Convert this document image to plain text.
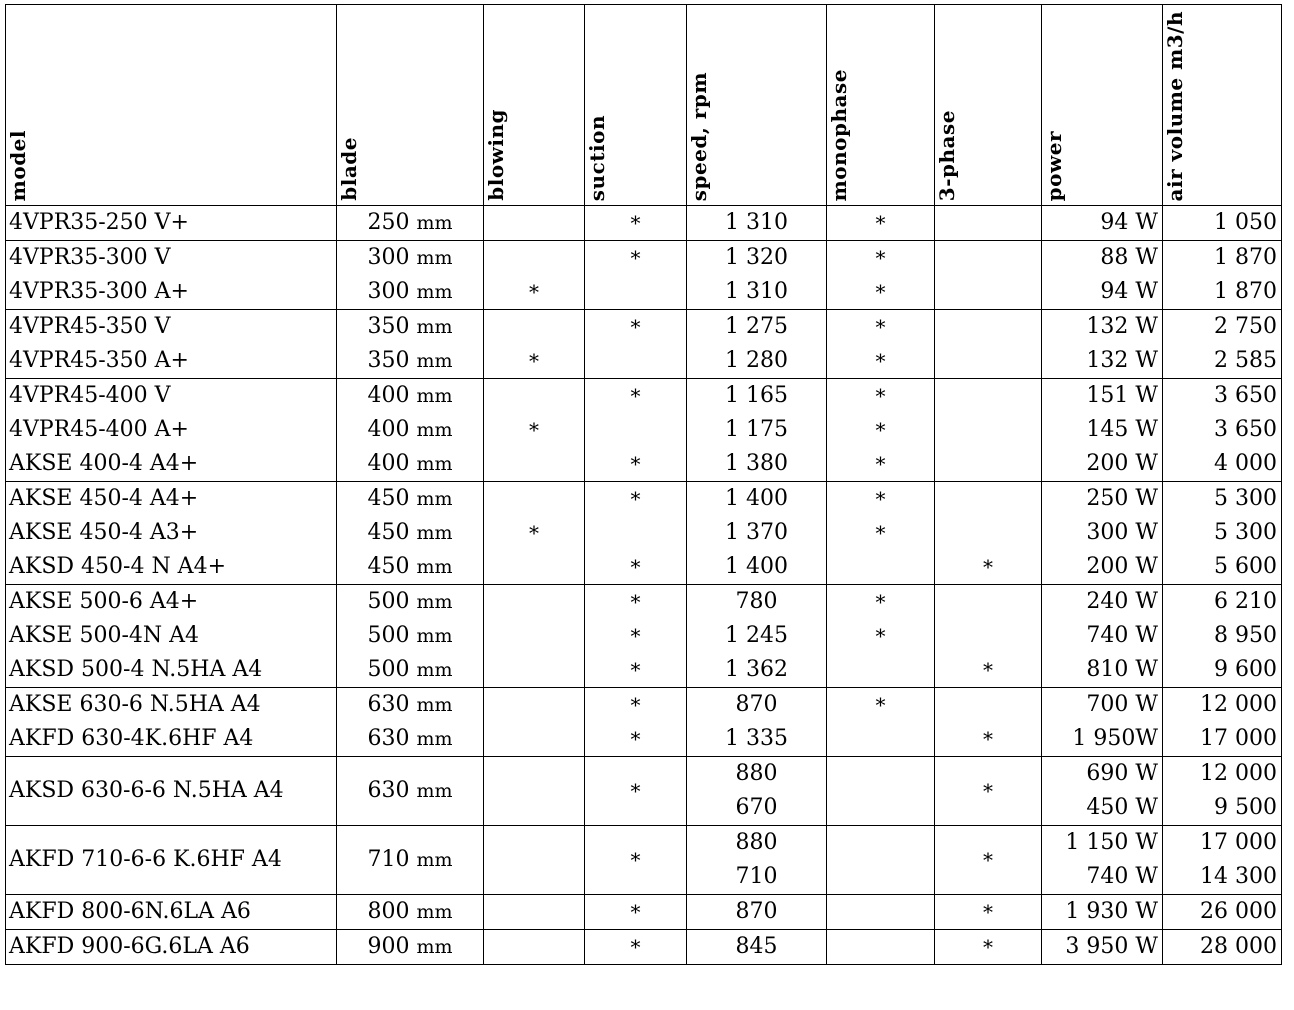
model	blade	blowing	suction	speed, rpm	monophase	3-phase	power	air volume m3/h
4VPR35-250 V+	250 mm		*	1 310	*		94 W	1 050
4VPR35-300 V	300 mm		*	1 320	*		88 W	1 870
4VPR35-300 A+	300 mm	*		1 310	*		94 W	1 870
4VPR45-350 V	350 mm		*	1 275	*		132 W	2 750
4VPR45-350 A+	350 mm	*		1 280	*		132 W	2 585
4VPR45-400 V	400 mm		*	1 165	*		151 W	3 650
4VPR45-400 A+	400 mm	*		1 175	*		145 W	3 650
AKSE 400-4 A4+	400 mm		*	1 380	*		200 W	4 000
AKSE 450-4 A4+	450 mm		*	1 400	*		250 W	5 300
AKSE 450-4 A3+	450 mm	*		1 370	*		300 W	5 300
AKSD 450-4 N A4+	450 mm		*	1 400		*	200 W	5 600
AKSE 500-6 A4+	500 mm		*	780	*		240 W	6 210
AKSE 500-4N A4	500 mm		*	1 245	*		740 W	8 950
AKSD 500-4 N.5HA A4	500 mm		*	1 362		*	810 W	9 600
AKSE 630-6 N.5HA A4	630 mm		*	870	*		700 W	12 000
AKFD 630-4K.6HF A4	630 mm		*	1 335		*	1 950W	17 000
AKSD 630-6-6 N.5HA A4	630 mm		*	880		*	690 W	12 000
				670			450 W	9 500
AKFD 710-6-6 K.6HF A4	710 mm		*	880		*	1 150 W	17 000
				710			740 W	14 300
AKFD 800-6N.6LA A6	800 mm		*	870		*	1 930 W	26 000
AKFD 900-6G.6LA A6	900 mm		*	845		*	3 950 W	28 000
